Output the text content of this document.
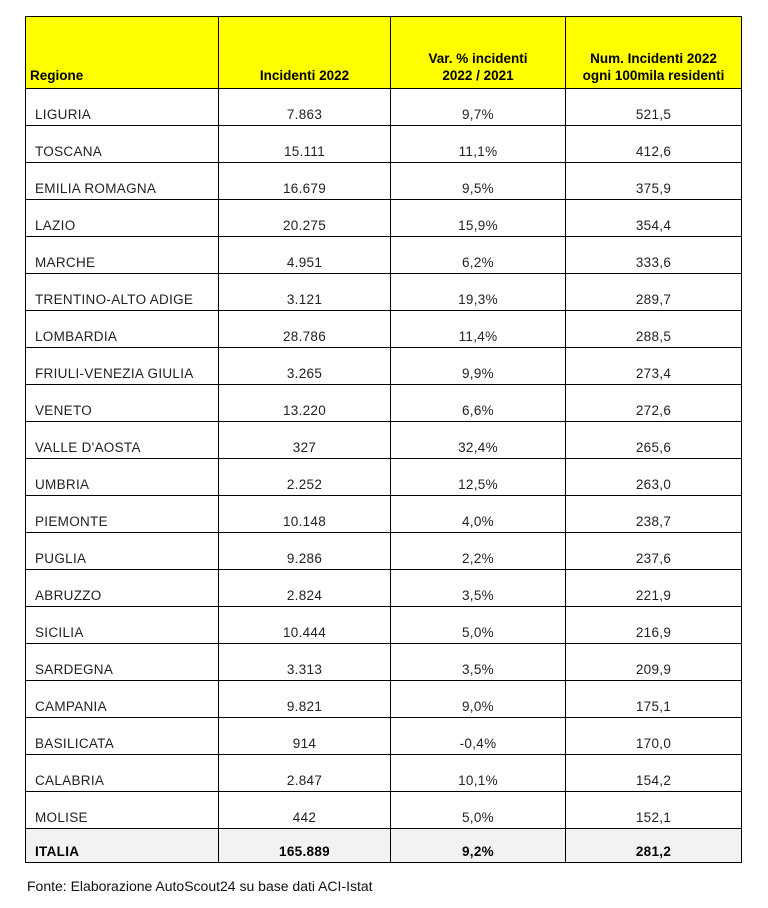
Regione	Incidenti 2022	Var. % incidenti 2022 / 2021	Num. Incidenti 2022 ogni 100mila residenti
LIGURIA	7.863	9,7%	521,5
TOSCANA	15.111	11,1%	412,6
EMILIA ROMAGNA	16.679	9,5%	375,9
LAZIO	20.275	15,9%	354,4
MARCHE	4.951	6,2%	333,6
TRENTINO-ALTO ADIGE	3.121	19,3%	289,7
LOMBARDIA	28.786	11,4%	288,5
FRIULI-VENEZIA GIULIA	3.265	9,9%	273,4
VENETO	13.220	6,6%	272,6
VALLE D'AOSTA	327	32,4%	265,6
UMBRIA	2.252	12,5%	263,0
PIEMONTE	10.148	4,0%	238,7
PUGLIA	9.286	2,2%	237,6
ABRUZZO	2.824	3,5%	221,9
SICILIA	10.444	5,0%	216,9
SARDEGNA	3.313	3,5%	209,9
CAMPANIA	9.821	9,0%	175,1
BASILICATA	914	-0,4%	170,0
CALABRIA	2.847	10,1%	154,2
MOLISE	442	5,0%	152,1
ITALIA	165.889	9,2%	281,2
Fonte: Elaborazione AutoScout24 su base dati ACI-Istat
